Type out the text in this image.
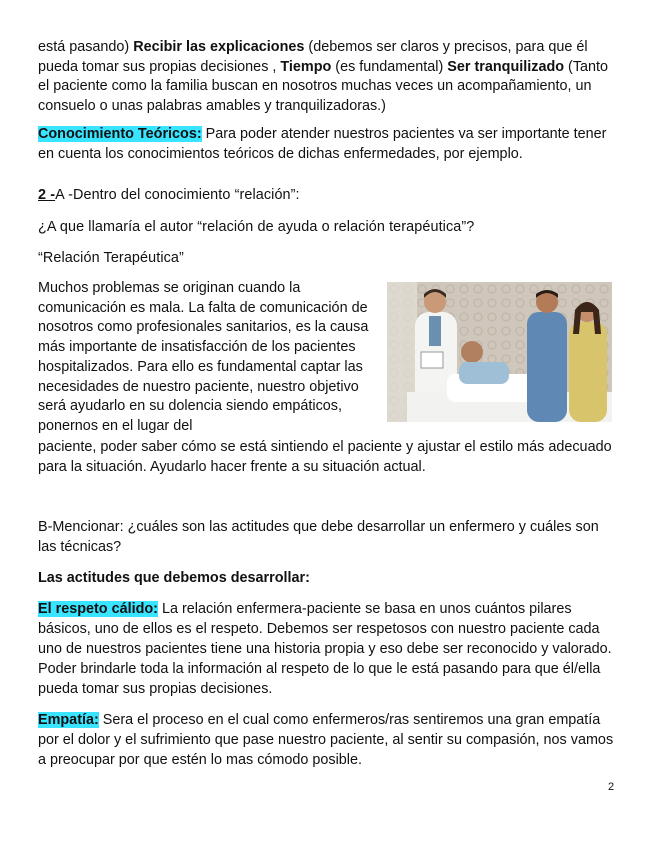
está pasando) Recibir las explicaciones (debemos ser claros y precisos, para que él pueda tomar sus propias decisiones , Tiempo (es fundamental) Ser tranquilizado (Tanto el paciente como la familia buscan en nosotros muchas veces un acompañamiento, un consuelo o unas palabras amables y tranquilizadoras.)

Conocimiento Teóricos: Para poder atender nuestros pacientes va ser importante tener en cuenta los conocimientos teóricos de dichas enfermedades, por ejemplo.

2 -A -Dentro del conocimiento “relación”:

¿A que llamaría el autor “relación de ayuda o relación terapéutica”?

“Relación Terapéutica”

Muchos problemas se originan cuando la comunicación es mala. La falta de comunicación de nosotros como profesionales sanitarios, es la causa más importante de insatisfacción de los pacientes hospitalizados. Para ello es fundamental captar las necesidades de nuestro paciente, nuestro objetivo será ayudarlo en su dolencia siendo empáticos, ponernos en el lugar del

paciente, poder saber cómo se está sintiendo el paciente y ajustar el estilo más adecuado para la situación. Ayudarlo hacer frente a su situación actual.

B-Mencionar: ¿cuáles son las actitudes que debe desarrollar un enfermero y cuáles son las técnicas?

Las actitudes que debemos desarrollar:

El respeto cálido: La relación enfermera-paciente se basa en unos cuántos pilares básicos, uno de ellos es el respeto. Debemos ser respetosos con nuestro paciente cada uno de nuestros pacientes tiene una historia propia y eso debe ser reconocido y valorado. Poder brindarle toda la información al respeto de lo que le está pasando para que él/ella pueda tomar sus propias decisiones.

Empatía: Sera el proceso en el cual como enfermeros/ras sentiremos una gran empatía por el dolor y el sufrimiento que pase nuestro paciente, al sentir su compasión, nos vamos a preocupar por que estén lo mas cómodo posible.

2
